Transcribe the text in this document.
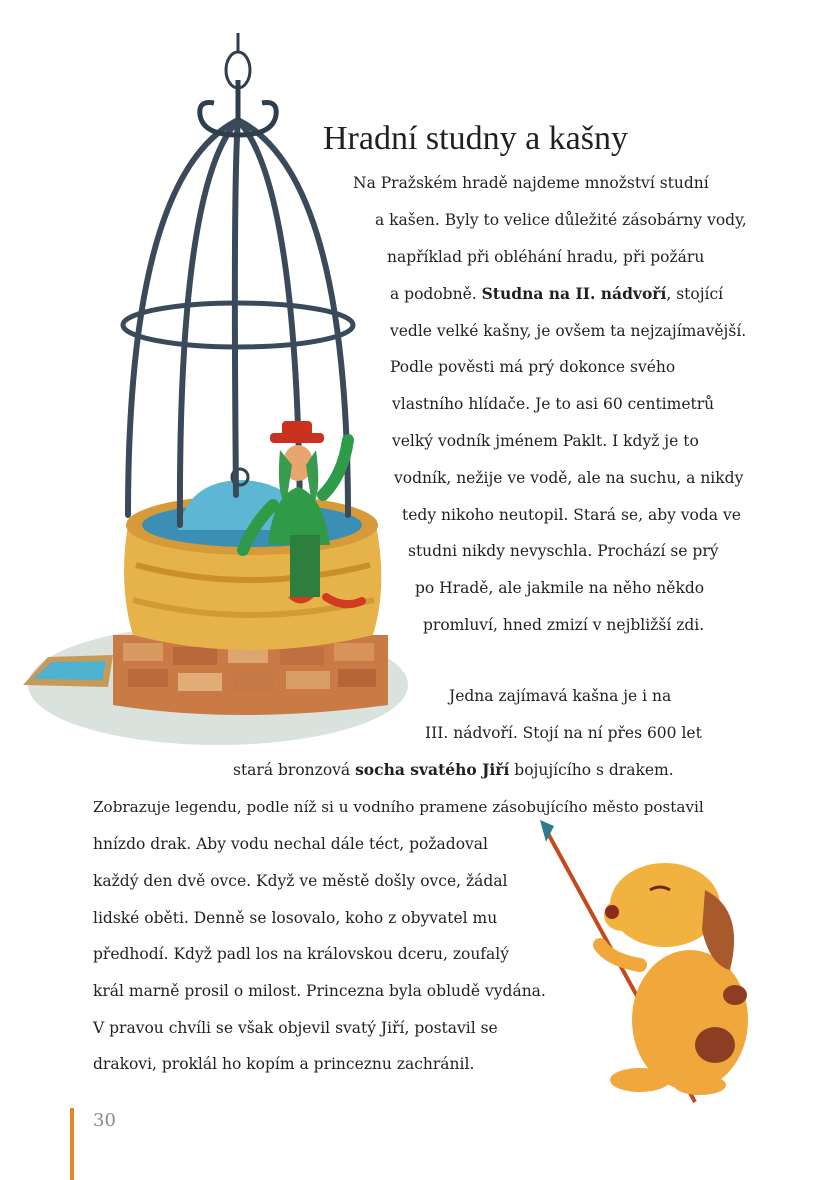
Hradní studny a kašny
Na Pražském hradě najdeme množství studní
a kašen. Byly to velice důležité zásobárny vody,
například při obléhání hradu, při požáru
a podobně. Studna na II. nádvoří, stojící
vedle velké kašny, je ovšem ta nejzajímavější.
Podle pověsti má prý dokonce svého
vlastního hlídače. Je to asi 60 centimetrů
velký vodník jménem Paklt. I když je to
vodník, nežije ve vodě, ale na suchu, a nikdy
tedy nikoho neutopil. Stará se, aby voda ve
studni nikdy nevyschla. Prochází se prý
po Hradě, ale jakmile na něho někdo
promluví, hned zmizí v nejbližší zdi.
Jedna zajímavá kašna je i na
III. nádvoří. Stojí na ní přes 600 let
stará bronzová socha svatého Jiří bojujícího s drakem.
Zobrazuje legendu, podle níž si u vodního pramene zásobujícího město postavil
hnízdo drak. Aby vodu nechal dále téct, požadoval
každý den dvě ovce. Když ve městě došly ovce, žádal
lidské oběti. Denně se losovalo, koho z obyvatel mu
předhodí. Když padl los na královskou dceru, zoufalý
král marně prosil o milost. Princezna byla obludě vydána.
V pravou chvíli se však objevil svatý Jiří, postavil se
drakovi, proklál ho kopím a princeznu zachránil.
30
